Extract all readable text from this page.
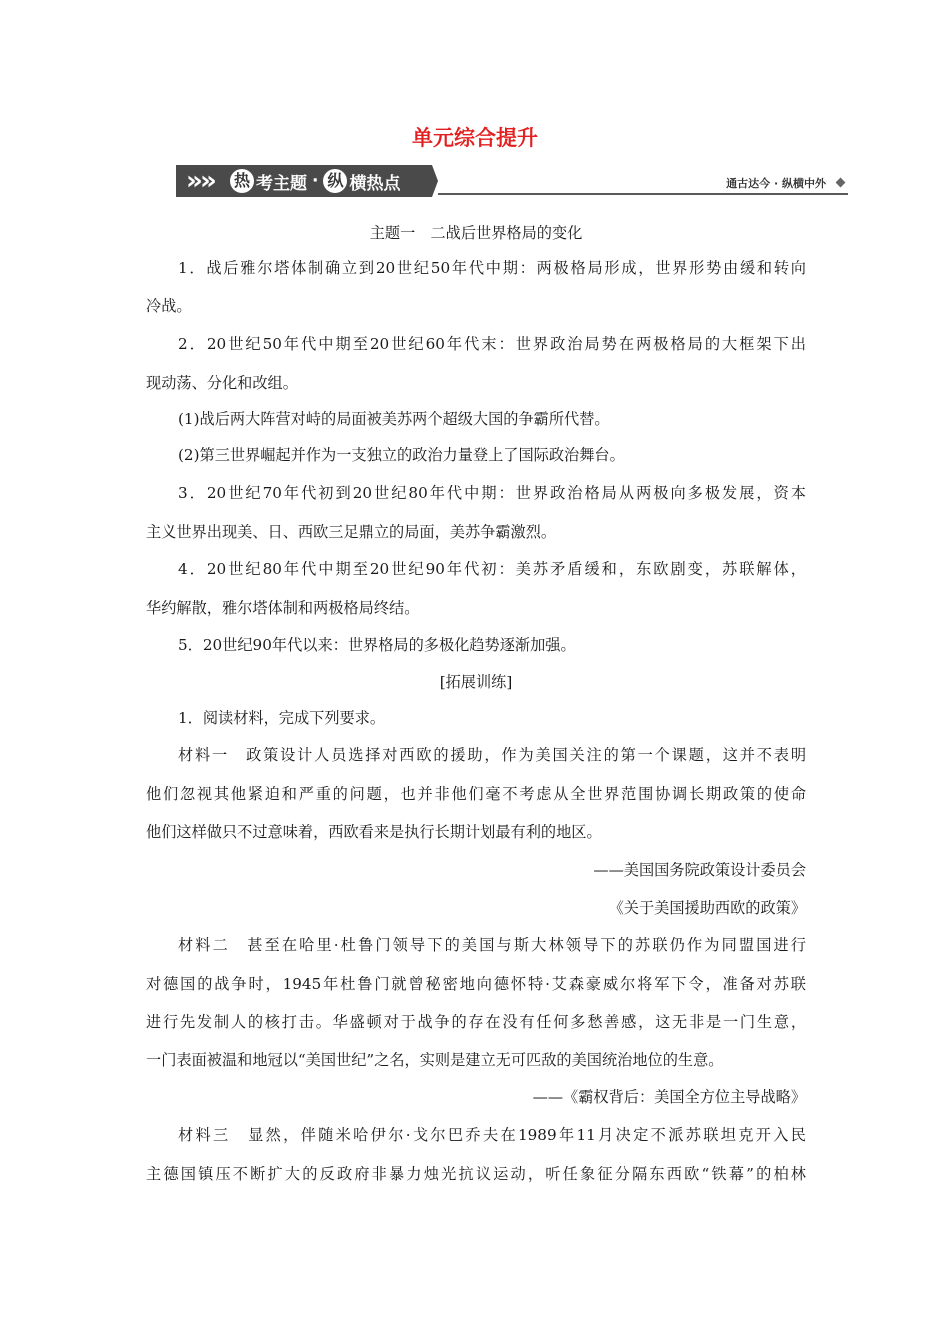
单元综合提升
»
» 热 考主题 · 纵 横热点	通古达今 · 纵横中外
主题一　二战后世界格局的变化
1．战后雅尔塔体制确立到20世纪50年代中期：两极格局形成，世界形势由缓和转向
冷战。
2．20世纪50年代中期至20世纪60年代末：世界政治局势在两极格局的大框架下出
现动荡、分化和改组。
(1)战后两大阵营对峙的局面被美苏两个超级大国的争霸所代替。
(2)第三世界崛起并作为一支独立的政治力量登上了国际政治舞台。
3．20世纪70年代初到20世纪80年代中期：世界政治格局从两极向多极发展，资本
主义世界出现美、日、西欧三足鼎立的局面，美苏争霸激烈。
4．20世纪80年代中期至20世纪90年代初：美苏矛盾缓和，东欧剧变，苏联解体，
华约解散，雅尔塔体制和两极格局终结。
5．20世纪90年代以来：世界格局的多极化趋势逐渐加强。
[拓展训练]
1．阅读材料，完成下列要求。
材料一　政策设计人员选择对西欧的援助，作为美国关注的第一个课题，这并不表明
他们忽视其他紧迫和严重的问题，也并非他们毫不考虑从全世界范围协调长期政策的使命
他们这样做只不过意味着，西欧看来是执行长期计划最有利的地区。
——美国国务院政策设计委员会
《关于美国援助西欧的政策》
材料二　甚至在哈里·杜鲁门领导下的美国与斯大林领导下的苏联仍作为同盟国进行
对德国的战争时，1945年杜鲁门就曾秘密地向德怀特·艾森豪威尔将军下令，准备对苏联
进行先发制人的核打击。华盛顿对于战争的存在没有任何多愁善感，这无非是一门生意，
一门表面被温和地冠以“美国世纪”之名，实则是建立无可匹敌的美国统治地位的生意。
——《霸权背后：美国全方位主导战略》
材料三　显然，伴随米哈伊尔·戈尔巴乔夫在1989年11月决定不派苏联坦克开入民
主德国镇压不断扩大的反政府非暴力烛光抗议运动，听任象征分隔东西欧“铁幕”的柏林
